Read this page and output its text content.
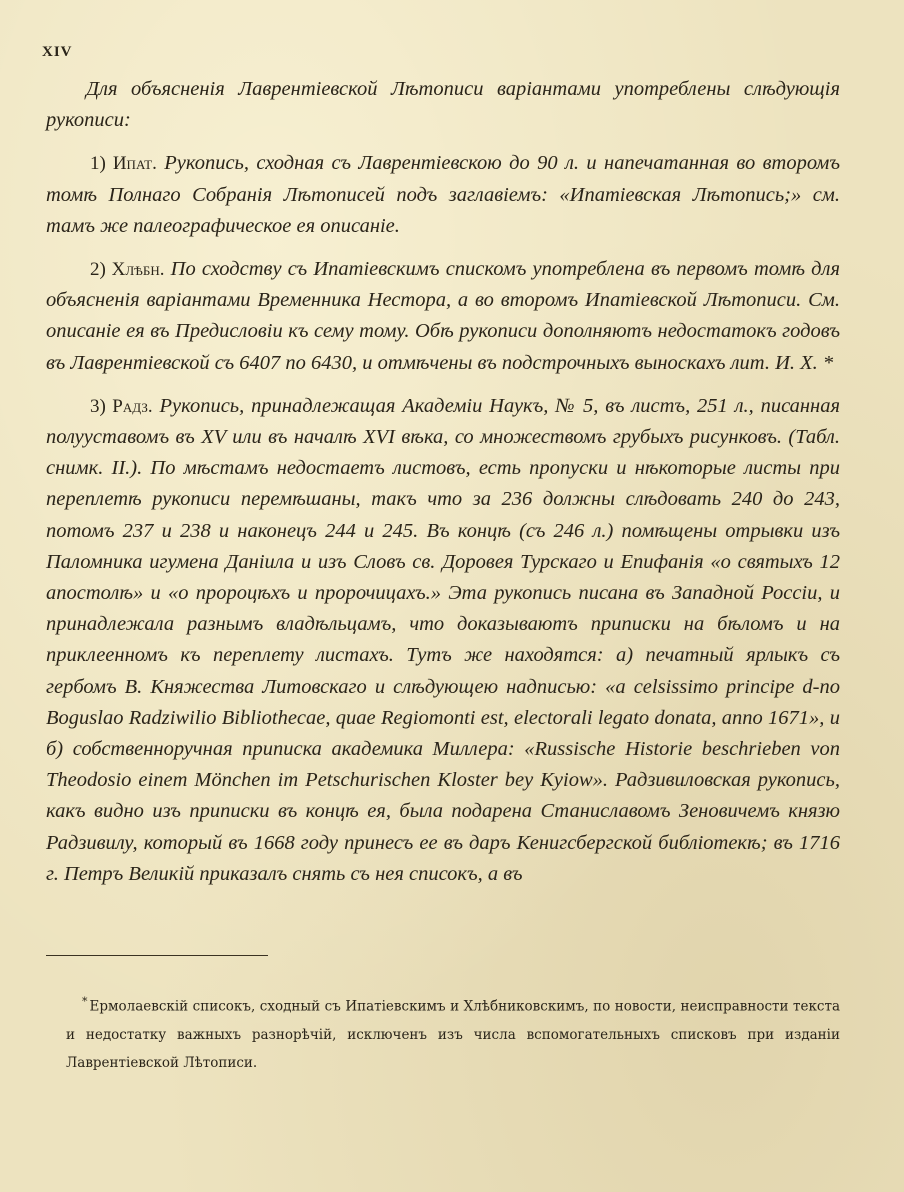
XIV

Для объясненія Лаврентіевской Лѣтописи варіантами употреблены слѣдующія рукописи:

1) Ипат. Рукопись, сходная съ Лаврентіевскою до 90 л. и напечатанная во второмъ томѣ Полнаго Собранія Лѣтописей подъ заглавіемъ: «Ипатіевская Лѣтопись;» см. тамъ же палеографическое ея описаніе.

2) Хлѣбн. По сходству съ Ипатіевскимъ спискомъ употреблена въ первомъ томѣ для объясненія варіантами Временника Нестора, а во второмъ Ипатіевской Лѣтописи. См. описаніе ея въ Предисловіи къ сему тому. Обѣ рукописи дополняютъ недостатокъ годовъ въ Лаврентіевской съ 6407 по 6430, и отмѣчены въ подстрочныхъ выноскахъ лит. И. Х. *

3) Радз. Рукопись, принадлежащая Академіи Наукъ, № 5, въ листъ, 251 л., писанная полууставомъ въ XV или въ началѣ XVI вѣка, со множествомъ грубыхъ рисунковъ. (Табл. снимк. II.). По мѣстамъ недостаетъ листовъ, есть пропуски и нѣкоторые листы при переплетѣ рукописи перемѣшаны, такъ что за 236 должны слѣдовать 240 до 243, потомъ 237 и 238 и наконецъ 244 и 245. Въ концѣ (съ 246 л.) помѣщены отрывки изъ Паломника игумена Даніила и изъ Словъ св. Доровея Турскаго и Епифанія «о святыхъ 12 апостолѣ» и «о пророцѣхъ и пророчицахъ.» Эта рукопись писана въ Западной Россіи, и принадлежала разнымъ владѣльцамъ, что доказываютъ приписки на бѣломъ и на приклеенномъ къ переплету листахъ. Тутъ же находятся: а) печатный ярлыкъ съ гербомъ В. Княжества Литовскаго и слѣдующею надписью: «a celsissimo principe d-no Boguslao Radziwilio Bibliothecae, quae Regiomonti est, electorali legato donata, anno 1671», и б) собственноручная приписка академика Миллера: «Russische Historie beschrieben von Theodosio einem Mönchen im Petschurischen Kloster bey Kyiow». Радзивиловская рукопись, какъ видно изъ приписки въ концѣ ея, была подарена Станиславомъ Зеновичемъ князю Радзивилу, который въ 1668 году принесъ ее въ даръ Кенигсбергской библіотекѣ; въ 1716 г. Петръ Великій приказалъ снять съ нея списокъ, а въ

* Ермолаевскій списокъ, сходный съ Ипатіевскимъ и Хлѣбниковскимъ, по новости, неисправности текста и недостатку важныхъ разнорѣчій, исключенъ изъ числа вспомогательныхъ списковъ при изданіи Лаврентіевской Лѣтописи.
